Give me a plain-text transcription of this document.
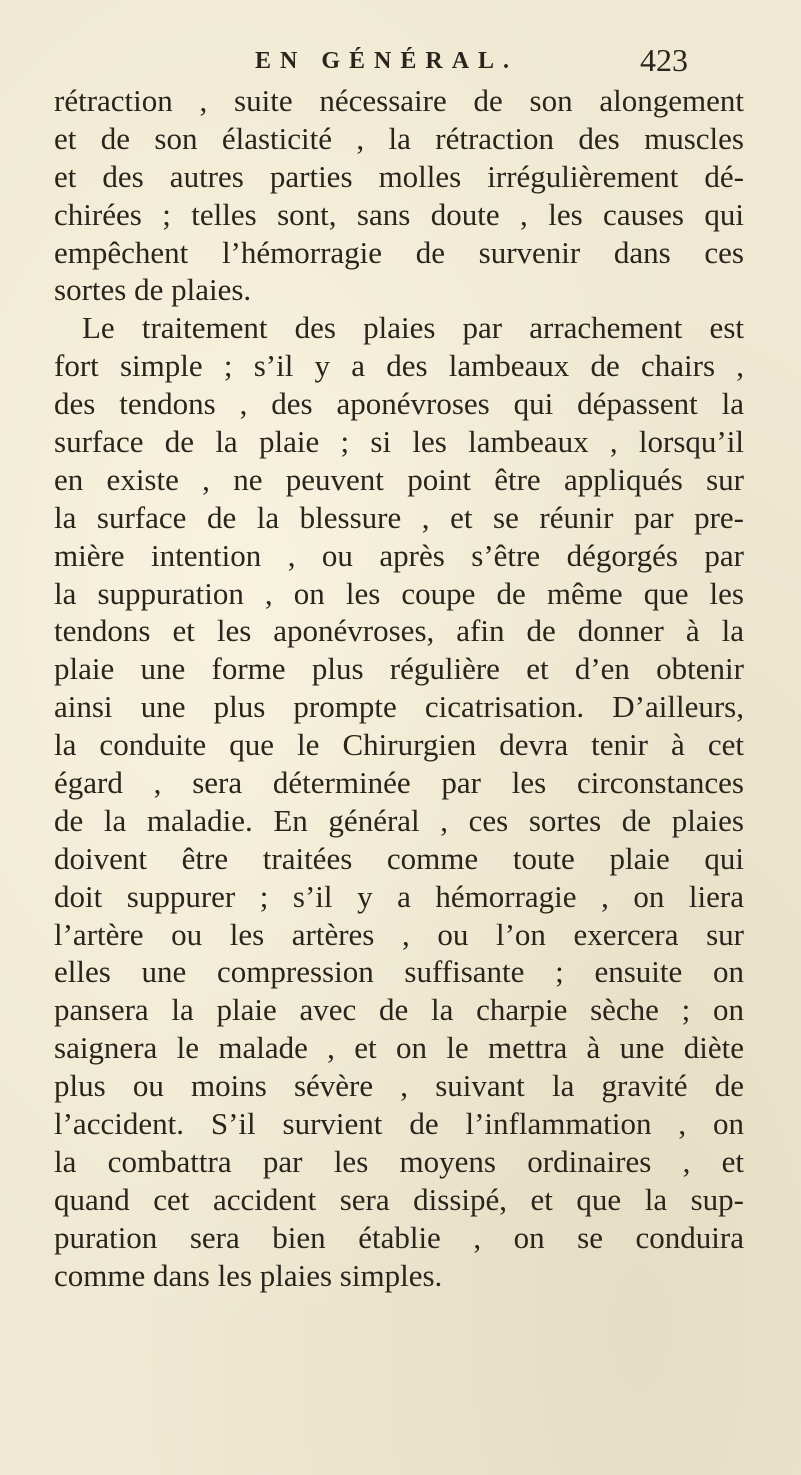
EN GÉNÉRAL.	423
rétraction , suite nécessaire de son alongement
et de son élasticité , la rétraction des muscles
et des autres parties molles irrégulièrement dé-
chirées ; telles sont, sans doute , les causes qui
empêchent l’hémorragie de survenir dans ces
sortes de plaies.
Le traitement des plaies par arrachement est
fort simple ; s’il y a des lambeaux de chairs ,
des tendons , des aponévroses qui dépassent la
surface de la plaie ; si les lambeaux , lorsqu’il
en existe , ne peuvent point être appliqués sur
la surface de la blessure , et se réunir par pre-
mière intention , ou après s’être dégorgés par
la suppuration , on les coupe de même que les
tendons et les aponévroses, afin de donner à la
plaie une forme plus régulière et d’en obtenir
ainsi une plus prompte cicatrisation. D’ailleurs,
la conduite que le Chirurgien devra tenir à cet
égard , sera déterminée par les circonstances
de la maladie. En général , ces sortes de plaies
doivent être traitées comme toute plaie qui
doit suppurer ; s’il y a hémorragie , on liera
l’artère ou les artères , ou l’on exercera sur
elles une compression suffisante ; ensuite on
pansera la plaie avec de la charpie sèche ; on
saignera le malade , et on le mettra à une diète
plus ou moins sévère , suivant la gravité de
l’accident. S’il survient de l’inflammation , on
la combattra par les moyens ordinaires , et
quand cet accident sera dissipé, et que la sup-
puration sera bien établie , on se conduira
comme dans les plaies simples.
